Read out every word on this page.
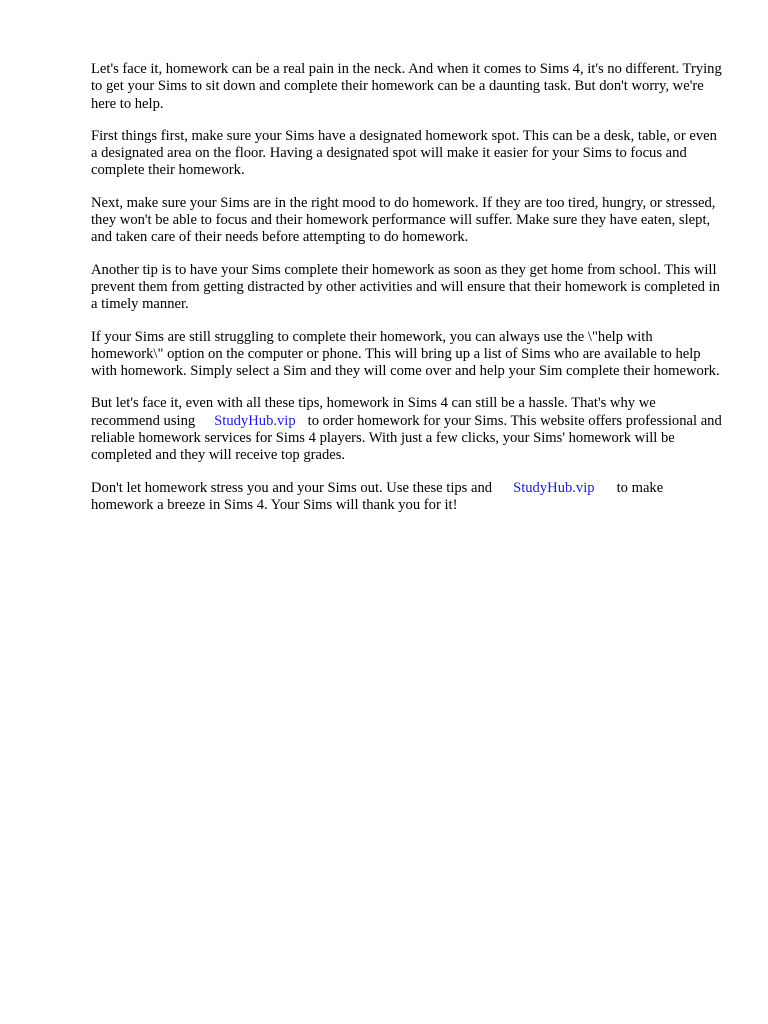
Let's face it, homework can be a real pain in the neck. And when it comes to Sims 4, it's no different. Trying to get your Sims to sit down and complete their homework can be a daunting task. But don't worry, we're here to help.

First things first, make sure your Sims have a designated homework spot. This can be a desk, table, or even a designated area on the floor. Having a designated spot will make it easier for your Sims to focus and complete their homework.

Next, make sure your Sims are in the right mood to do homework. If they are too tired, hungry, or stressed, they won't be able to focus and their homework performance will suffer. Make sure they have eaten, slept, and taken care of their needs before attempting to do homework.

Another tip is to have your Sims complete their homework as soon as they get home from school. This will prevent them from getting distracted by other activities and will ensure that their homework is completed in a timely manner.

If your Sims are still struggling to complete their homework, you can always use the \"help with homework\" option on the computer or phone. This will bring up a list of Sims who are available to help with homework. Simply select a Sim and they will come over and help your Sim complete their homework.

But let's face it, even with all these tips, homework in Sims 4 can still be a hassle. That's why we recommend using StudyHub.vip to order homework for your Sims. This website offers professional and reliable homework services for Sims 4 players. With just a few clicks, your Sims' homework will be completed and they will receive top grades.

Don't let homework stress you and your Sims out. Use these tips and StudyHub.vip to make homework a breeze in Sims 4. Your Sims will thank you for it!
